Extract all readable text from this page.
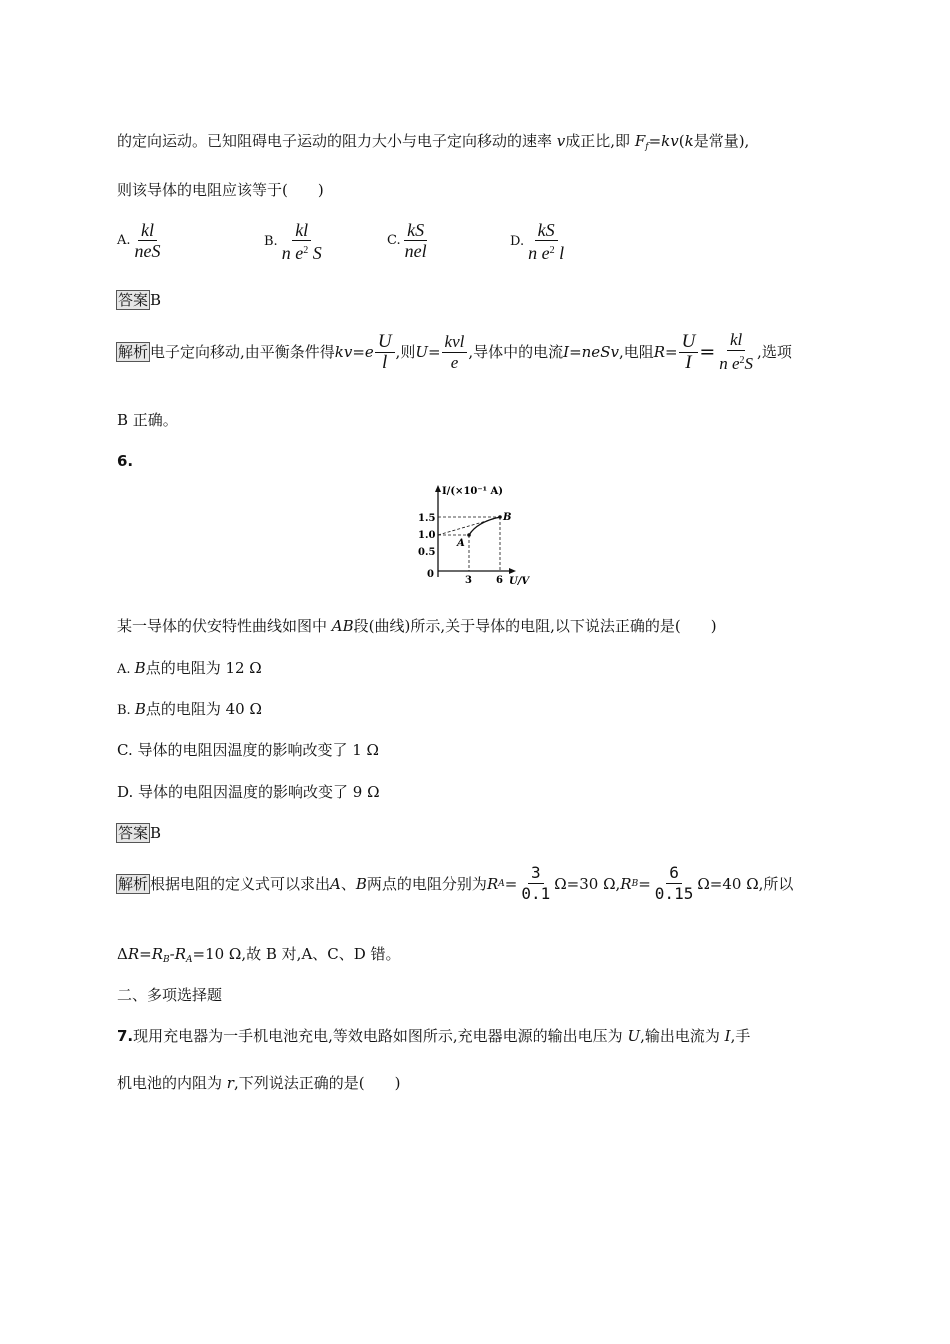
的定向运动。已知阻碍电子运动的阻力大小与电子定向移动的速率 v成正比,即 $F_f=kv(k$是常量),
则该导体的电阻应该等于(　　)
A. $\frac{kl}{\text{neS}}$	B. $\frac{kl}{n e^2 S}$	C. $\frac{kS}{\text{nel}}$	D. $\frac{kS}{n e^2 l}$
答案 B
解析 电子定向移动,由平衡条件得 $kv=e \frac{U}{l}$ ,则 $U= \frac{\text{kvl}}{e}$ ,导体中的电流 I=neSv ,电阻 $R= \frac{U}{I} = \frac{kl}{n e^2S}$ ,选项
B 正确。
6.
I/(×10⁻¹ A)
U/V
0
1.5
1.0
0.5
3 6
A
B
某一导体的伏安特性曲线如图中 AB段(曲线)所示,关于导体的电阻,以下说法正确的是(　　)
A. B点的电阻为 12 Ω
B. B点的电阻为 40 Ω
C. 导体的电阻因温度的影响改变了 1 Ω
D. 导体的电阻因温度的影响改变了 9 Ω
答案 B
解析 根据电阻的定义式可以求出 A 、 B 两点的电阻分别为 R $A = \frac{3}{0.1} \Omega=30$ Ω, R $B = \frac{6}{0.15} \Omega=40$ Ω,所以
$\Delta R=R_B-R_A=10$ Ω,故 B 对,A、C、D 错。
二、多项选择题
7.现用充电器为一手机电池充电,等效电路如图所示,充电器电源的输出电压为 U,输出电流为 I,手
机电池的内阻为 r,下列说法正确的是(　　)
